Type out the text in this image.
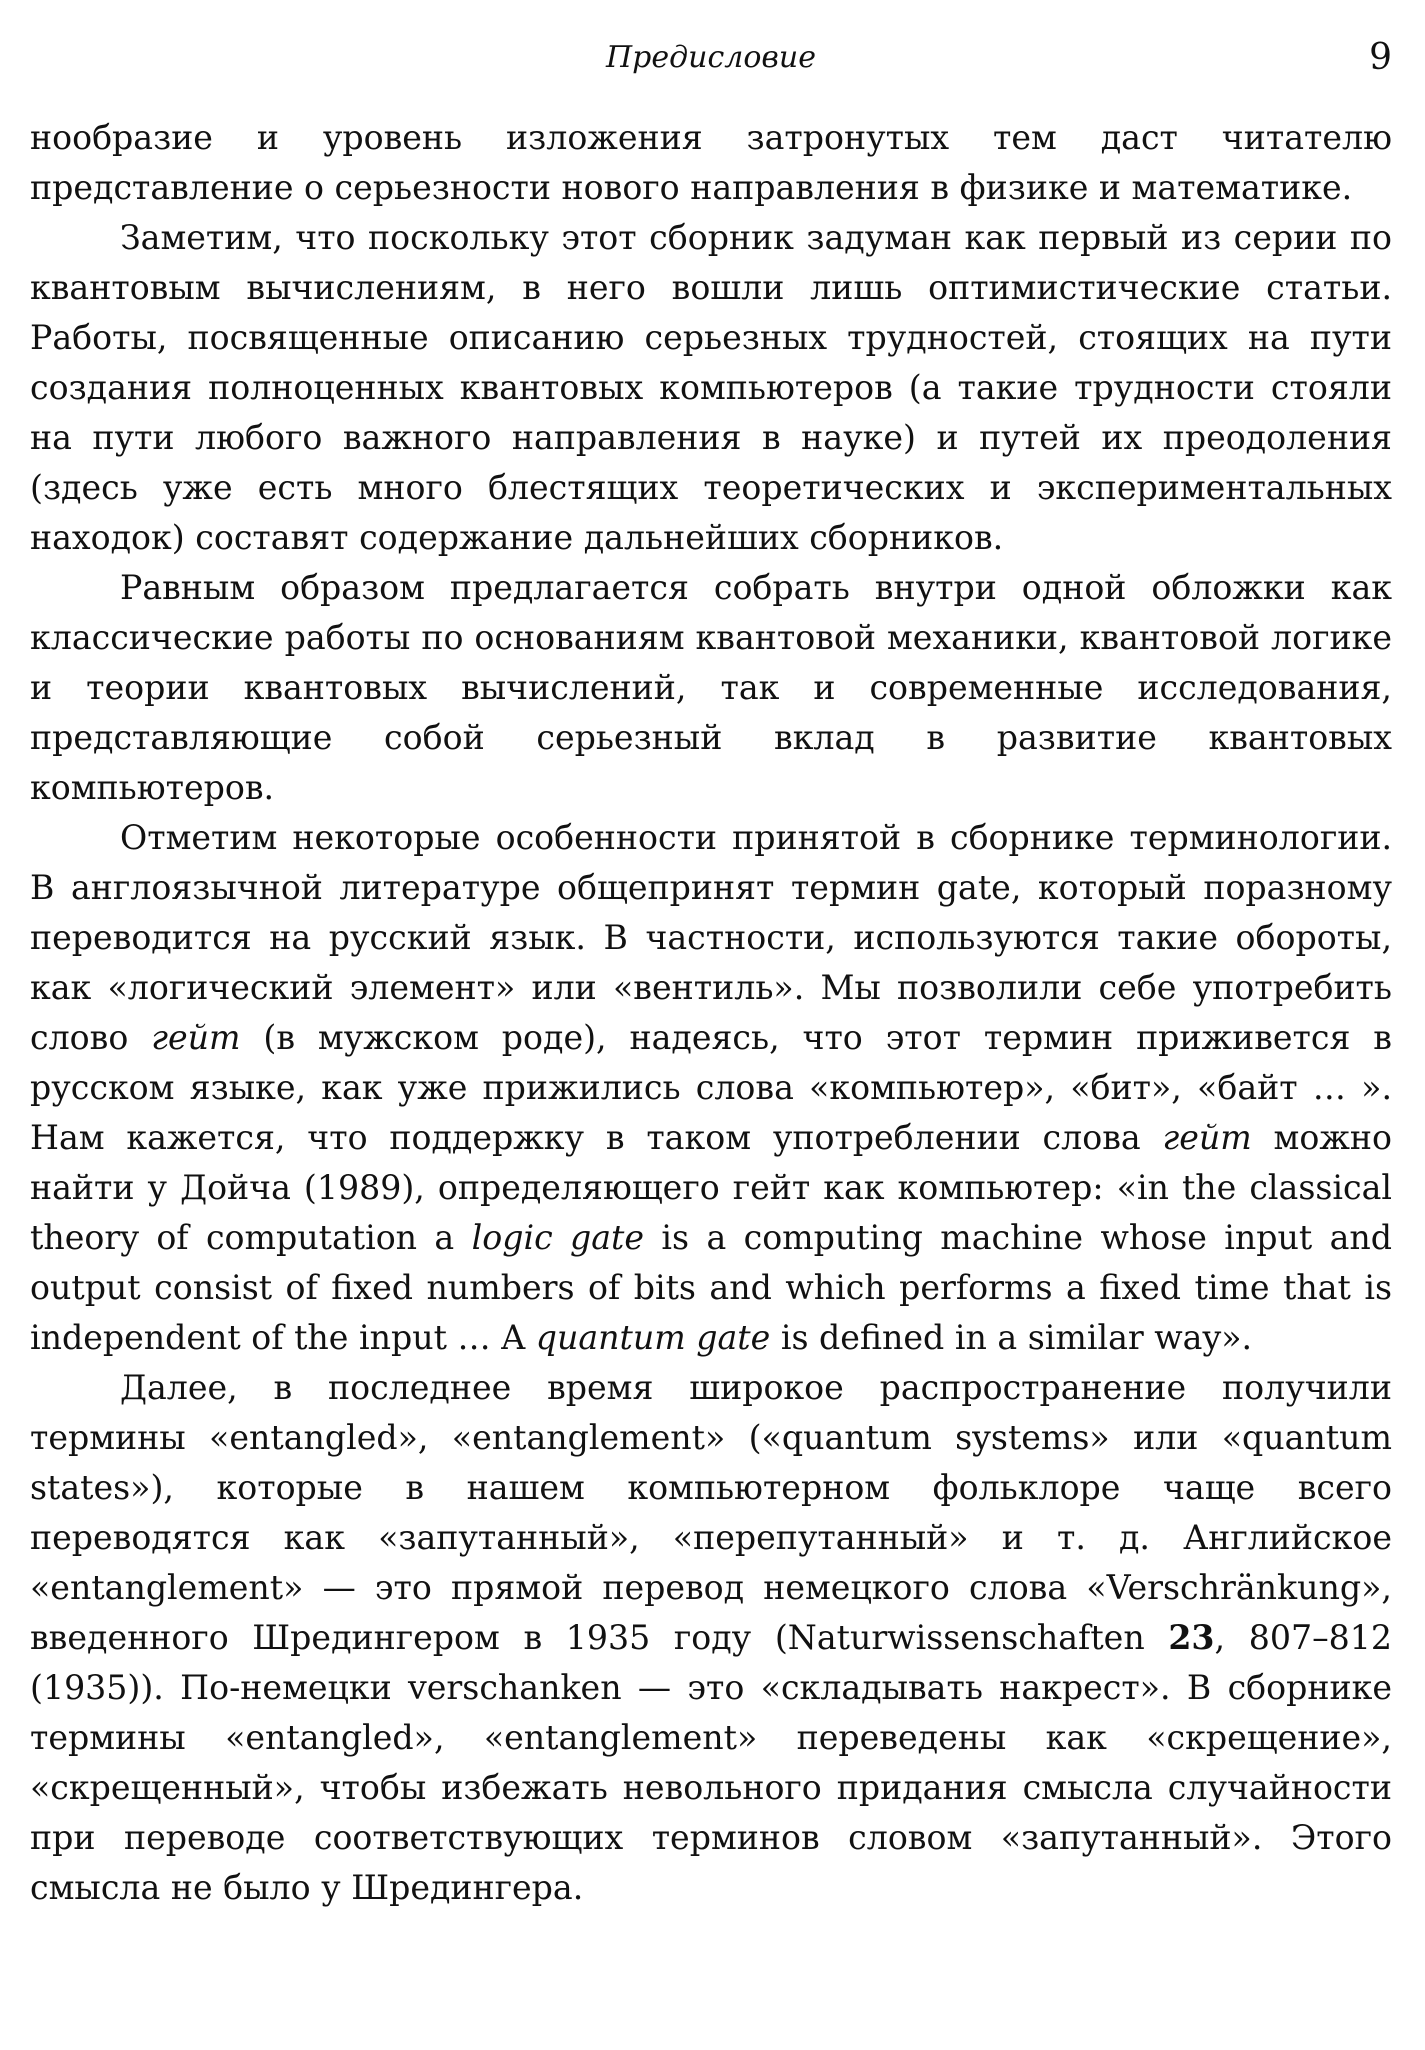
Предисловие	9

нообразие и уровень изложения затронутых тем даст читателю представление о серьезности нового направления в физике и математике.

Заметим, что поскольку этот сборник задуман как первый из серии по квантовым вычислениям, в него вошли лишь оптимистические статьи. Работы, посвященные описанию серьезных трудностей, стоящих на пути создания полноценных квантовых компьютеров (а такие трудности стояли на пути любого важного направления в науке) и путей их преодоления (здесь уже есть много блестящих теоретических и экспериментальных находок) составят содержание дальнейших сборников.

Равным образом предлагается собрать внутри одной обложки как классические работы по основаниям квантовой механики, квантовой логике и теории квантовых вычислений, так и современные исследования, представляющие собой серьезный вклад в развитие квантовых компьютеров.

Отметим некоторые особенности принятой в сборнике терминологии. В англоязычной литературе общепринят термин gate, который поразному переводится на русский язык. В частности, используются такие обороты, как «логический элемент» или «вентиль». Мы позволили себе употребить слово гейт (в мужском роде), надеясь, что этот термин приживется в русском языке, как уже прижились слова «компьютер», «бит», «байт … ». Нам кажется, что поддержку в таком употреблении слова гейт можно найти у Дойча (1989), определяющего гейт как компьютер: «in the classical theory of computation a logic gate is a computing machine whose input and output consist of fixed numbers of bits and which performs a fixed time that is independent of the input … A quantum gate is defined in a similar way».

Далее, в последнее время широкое распространение получили термины «entangled», «entanglement» («quantum systems» или «quantum states»), которые в нашем компьютерном фольклоре чаще всего переводятся как «запутанный», «перепутанный» и т. д. Английское «entanglement» — это прямой перевод немецкого слова «Verschränkung», введенного Шредингером в 1935 году (Naturwissenschaften 23, 807–812 (1935)). По-немецки verschanken — это «складывать накрест». В сборнике термины «entangled», «entanglement» переведены как «скрещение», «скрещенный», чтобы избежать невольного придания смысла случайности при переводе соответствующих терминов словом «запутанный». Этого смысла не было у Шредингера.
